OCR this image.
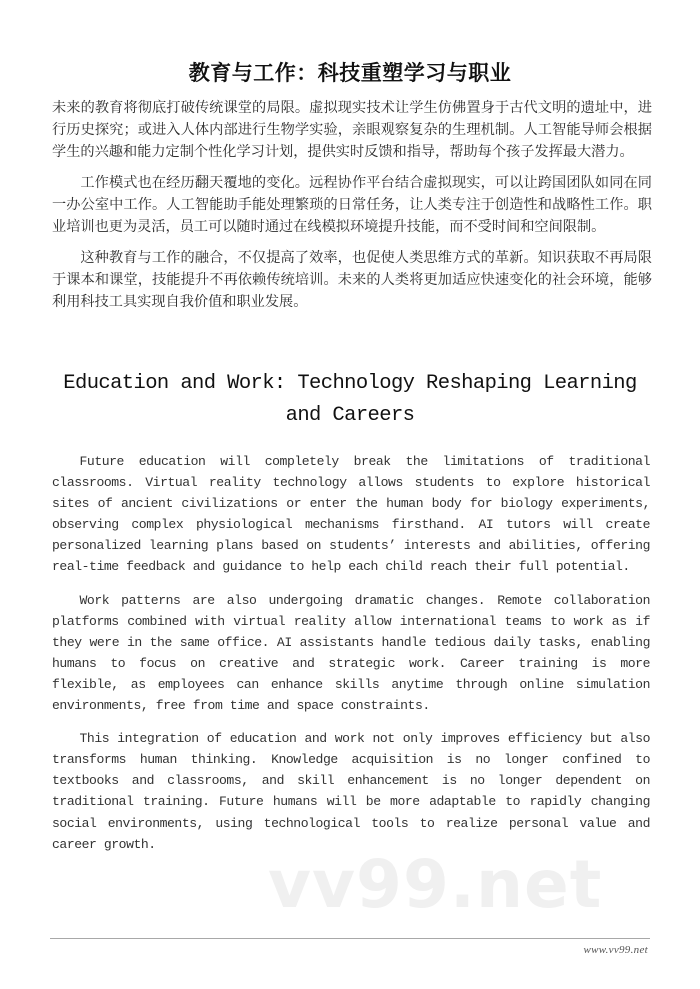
教育与工作：科技重塑学习与职业

未来的教育将彻底打破传统课堂的局限。虚拟现实技术让学生仿佛置身于古代文明的遗址中，进行历史探究；或进入人体内部进行生物学实验，亲眼观察复杂的生理机制。人工智能导师会根据学生的兴趣和能力定制个性化学习计划，提供实时反馈和指导，帮助每个孩子发挥最大潜力。

工作模式也在经历翻天覆地的变化。远程协作平台结合虚拟现实，可以让跨国团队如同在同一办公室中工作。人工智能助手能处理繁琐的日常任务，让人类专注于创造性和战略性工作。职业培训也更为灵活，员工可以随时通过在线模拟环境提升技能，而不受时间和空间限制。

这种教育与工作的融合，不仅提高了效率，也促使人类思维方式的革新。知识获取不再局限于课本和课堂，技能提升不再依赖传统培训。未来的人类将更加适应快速变化的社会环境，能够利用科技工具实现自我价值和职业发展。

Education and Work: Technology Reshaping Learning and Careers

Future education will completely break the limitations of traditional classrooms. Virtual reality technology allows students to explore historical sites of ancient civilizations or enter the human body for biology experiments, observing complex physiological mechanisms firsthand. AI tutors will create personalized learning plans based on students’ interests and abilities, offering real-time feedback and guidance to help each child reach their full potential.

Work patterns are also undergoing dramatic changes. Remote collaboration platforms combined with virtual reality allow international teams to work as if they were in the same office. AI assistants handle tedious daily tasks, enabling humans to focus on creative and strategic work. Career training is more flexible, as employees can enhance skills anytime through online simulation environments, free from time and space constraints.

This integration of education and work not only improves efficiency but also transforms human thinking. Knowledge acquisition is no longer confined to textbooks and classrooms, and skill enhancement is no longer dependent on traditional training. Future humans will be more adaptable to rapidly changing social environments, using technological tools to realize personal value and career growth.

vv99.net
www.vv99.net
